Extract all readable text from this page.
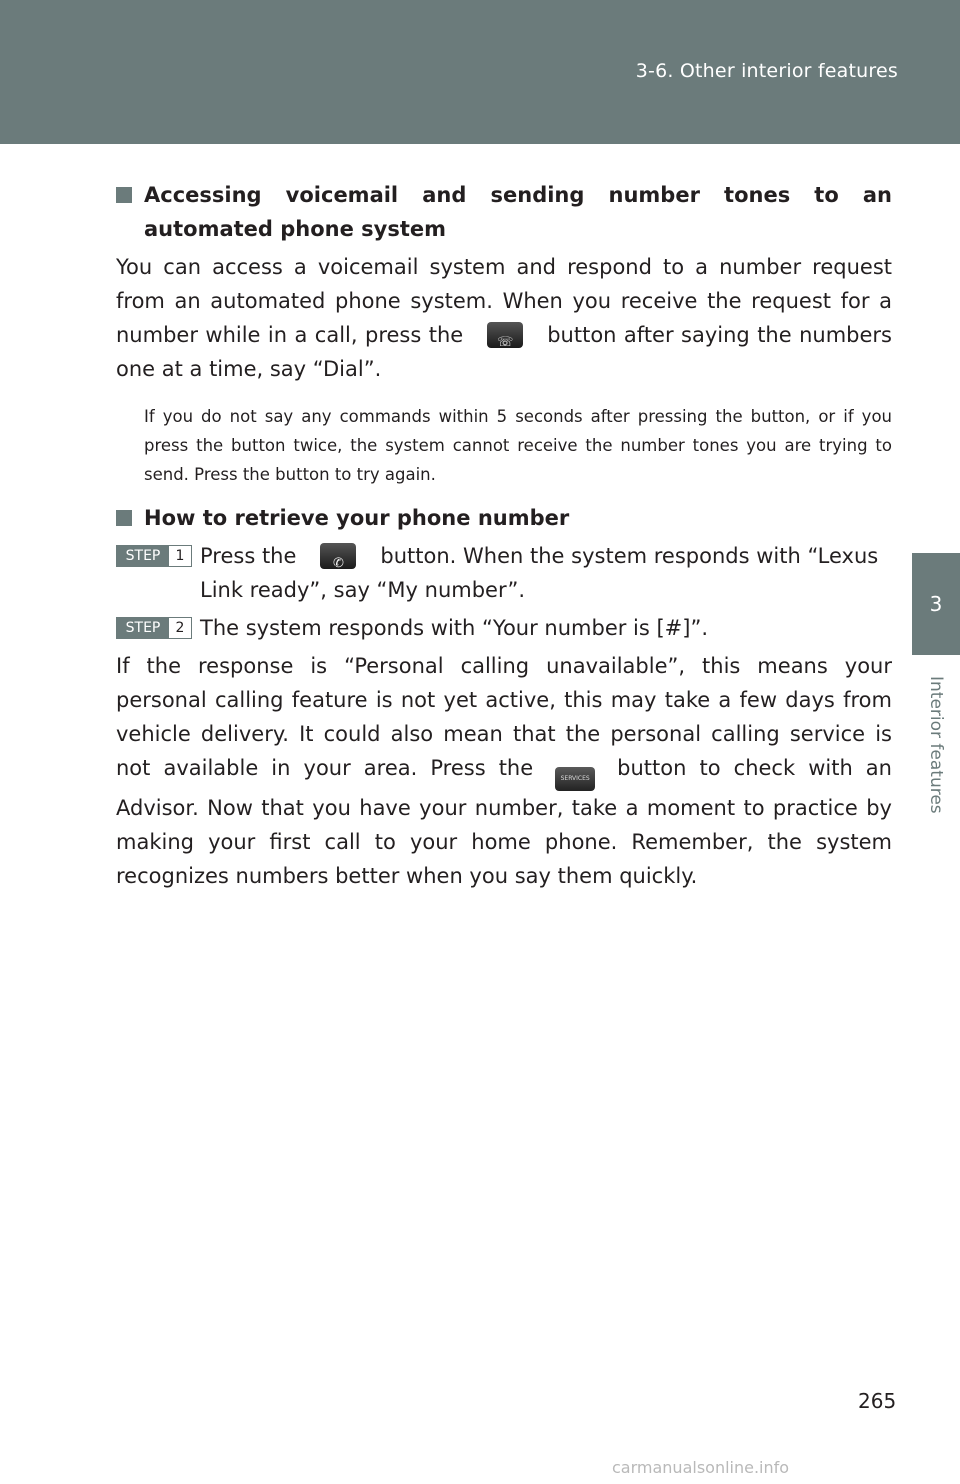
3-6. Other interior features
3
Interior features
Accessing voicemail and sending number tones to an automated phone system
You can access a voicemail system and respond to a number request from an automated phone system. When you receive the request for a number while in a call, press the	☏	button after saying the numbers one at a time, say “Dial”.
If you do not say any commands within 5 seconds after pressing the button, or if you press the button twice, the system cannot receive the number tones you are trying to send. Press the button to try again.
How to retrieve your phone number
STEP	1 Press the	✆	button. When the system responds with “Lexus Link ready”, say “My number”.
STEP	2 The system responds with “Your number is [#]”.
If the response is “Personal calling unavailable”, this means your personal calling feature is not yet active, this may take a few days from vehicle delivery. It could also mean that the personal calling service is not available in your area. Press the	SERVICES button to check with an Advisor. Now that you have your number, take a moment to practice by making your first call to your home phone. Remember, the system recognizes numbers better when you say them quickly.
265
carmanualsonline.info
